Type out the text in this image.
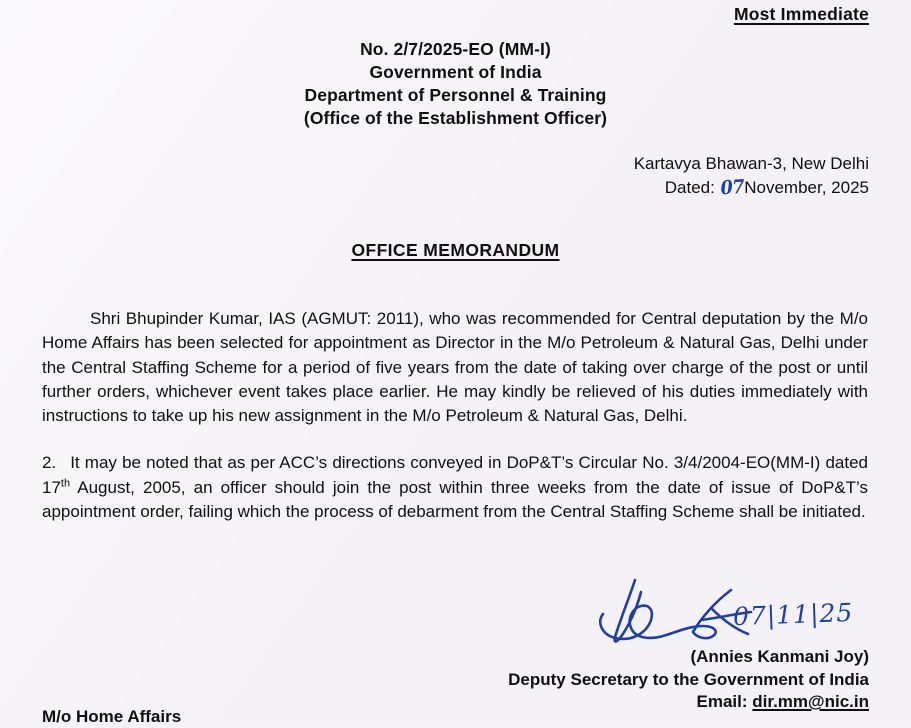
Most Immediate
No. 2/7/2025-EO (MM-I)
Government of India
Department of Personnel & Training
(Office of the Establishment Officer)
Kartavya Bhawan-3, New Delhi
Dated: 07November, 2025
OFFICE MEMORANDUM

Shri Bhupinder Kumar, IAS (AGMUT: 2011), who was recommended for Central deputation by the M/o Home Affairs has been selected for appointment as Director in the M/o Petroleum & Natural Gas, Delhi under the Central Staffing Scheme for a period of five years from the date of taking over charge of the post or until further orders, whichever event takes place earlier. He may kindly be relieved of his duties immediately with instructions to take up his new assignment in the M/o Petroleum & Natural Gas, Delhi.

2. It may be noted that as per ACC’s directions conveyed in DoP&T’s Circular No. 3/4/2004-EO(MM-I) dated 17th August, 2005, an officer should join the post within three weeks from the date of issue of DoP&T’s appointment order, failing which the process of debarment from the Central Staffing Scheme shall be initiated.

07|11|25
(Annies Kanmani Joy)
Deputy Secretary to the Government of India
Email: dir.mm@nic.in
M/o Home Affairs
